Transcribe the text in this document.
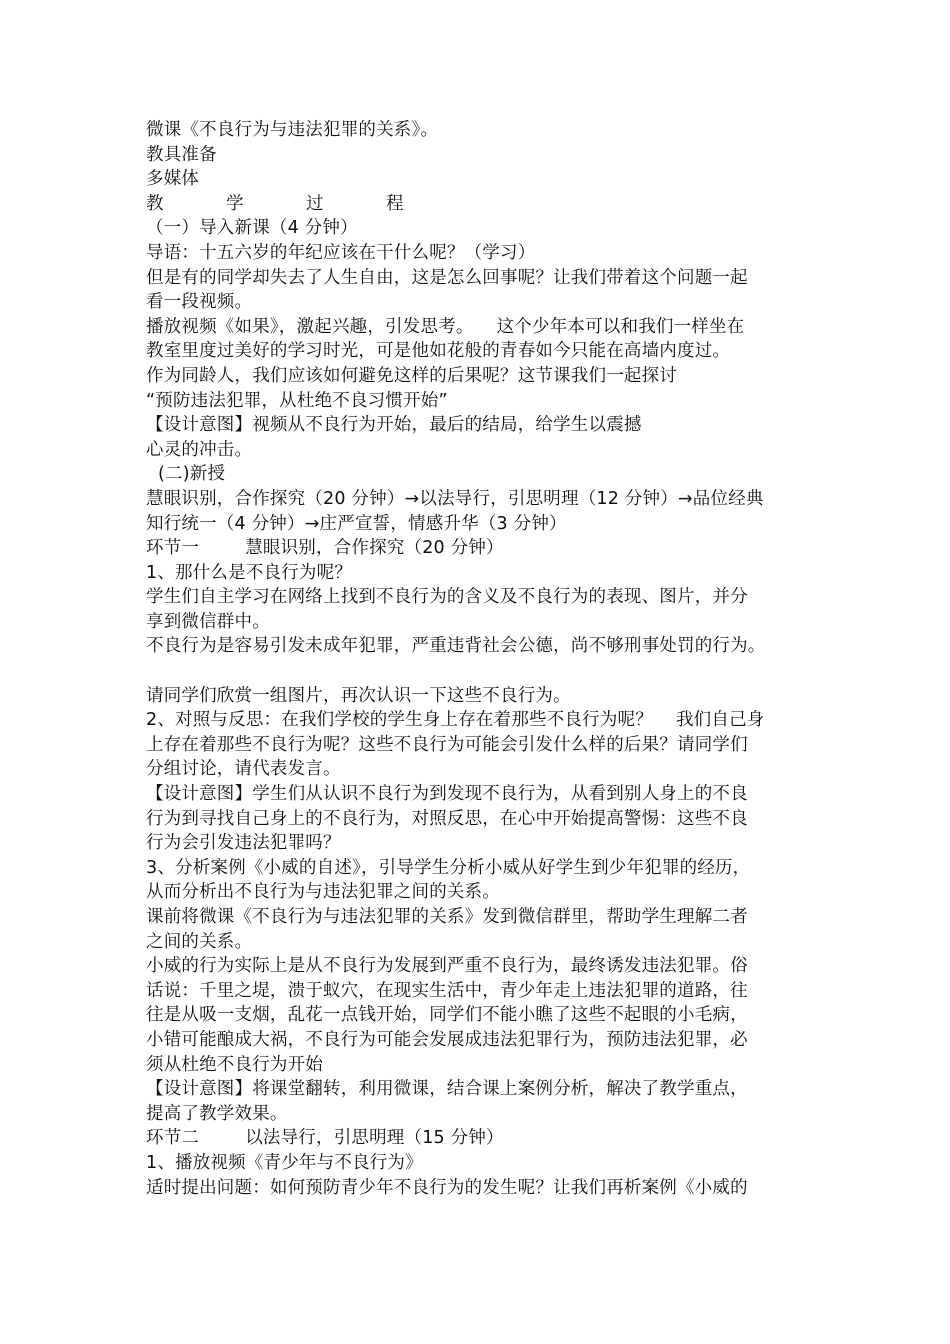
微课《不良行为与违法犯罪的关系》。
教具准备
多媒体
教	学	过	程
（一）导入新课（4 分钟）
导语：十五六岁的年纪应该在干什么呢？（学习）
但是有的同学却失去了人生自由，这是怎么回事呢？让我们带着这个问题一起
看一段视频。
播放视频《如果》，激起兴趣，引发思考。    这个少年本可以和我们一样坐在
教室里度过美好的学习时光，可是他如花般的青春如今只能在高墙内度过。
作为同龄人，我们应该如何避免这样的后果呢？这节课我们一起探讨
“预防违法犯罪，从杜绝不良习惯开始”
【设计意图】视频从不良行为开始，最后的结局，给学生以震撼
心灵的冲击。
(二)新授
慧眼识别，合作探究（20 分钟）→以法导行，引思明理（12 分钟）→品位经典
知行统一（4 分钟）→庄严宣誓，情感升华（3 分钟）
环节一        慧眼识别，合作探究（20 分钟）
1、那什么是不良行为呢？
学生们自主学习在网络上找到不良行为的含义及不良行为的表现、图片，并分
享到微信群中。
不良行为是容易引发未成年犯罪，严重违背社会公德，尚不够刑事处罚的行为。
请同学们欣赏一组图片，再次认识一下这些不良行为。
2、对照与反思：在我们学校的学生身上存在着那些不良行为呢？    我们自己身
上存在着那些不良行为呢？这些不良行为可能会引发什么样的后果？请同学们
分组讨论，请代表发言。
【设计意图】学生们从认识不良行为到发现不良行为，从看到别人身上的不良
行为到寻找自己身上的不良行为，对照反思，在心中开始提高警惕：这些不良
行为会引发违法犯罪吗？
3、分析案例《小威的自述》，引导学生分析小威从好学生到少年犯罪的经历，
从而分析出不良行为与违法犯罪之间的关系。
课前将微课《不良行为与违法犯罪的关系》发到微信群里，帮助学生理解二者
之间的关系。
小威的行为实际上是从不良行为发展到严重不良行为，最终诱发违法犯罪。俗
话说：千里之堤，溃于蚁穴，在现实生活中，青少年走上违法犯罪的道路，往
往是从吸一支烟，乱花一点钱开始，同学们不能小瞧了这些不起眼的小毛病，
小错可能酿成大祸，不良行为可能会发展成违法犯罪行为，预防违法犯罪，必
须从杜绝不良行为开始
【设计意图】将课堂翻转，利用微课，结合课上案例分析，解决了教学重点，
提高了教学效果。
环节二        以法导行，引思明理（15 分钟）
1、播放视频《青少年与不良行为》
适时提出问题：如何预防青少年不良行为的发生呢？让我们再析案例《小威的
